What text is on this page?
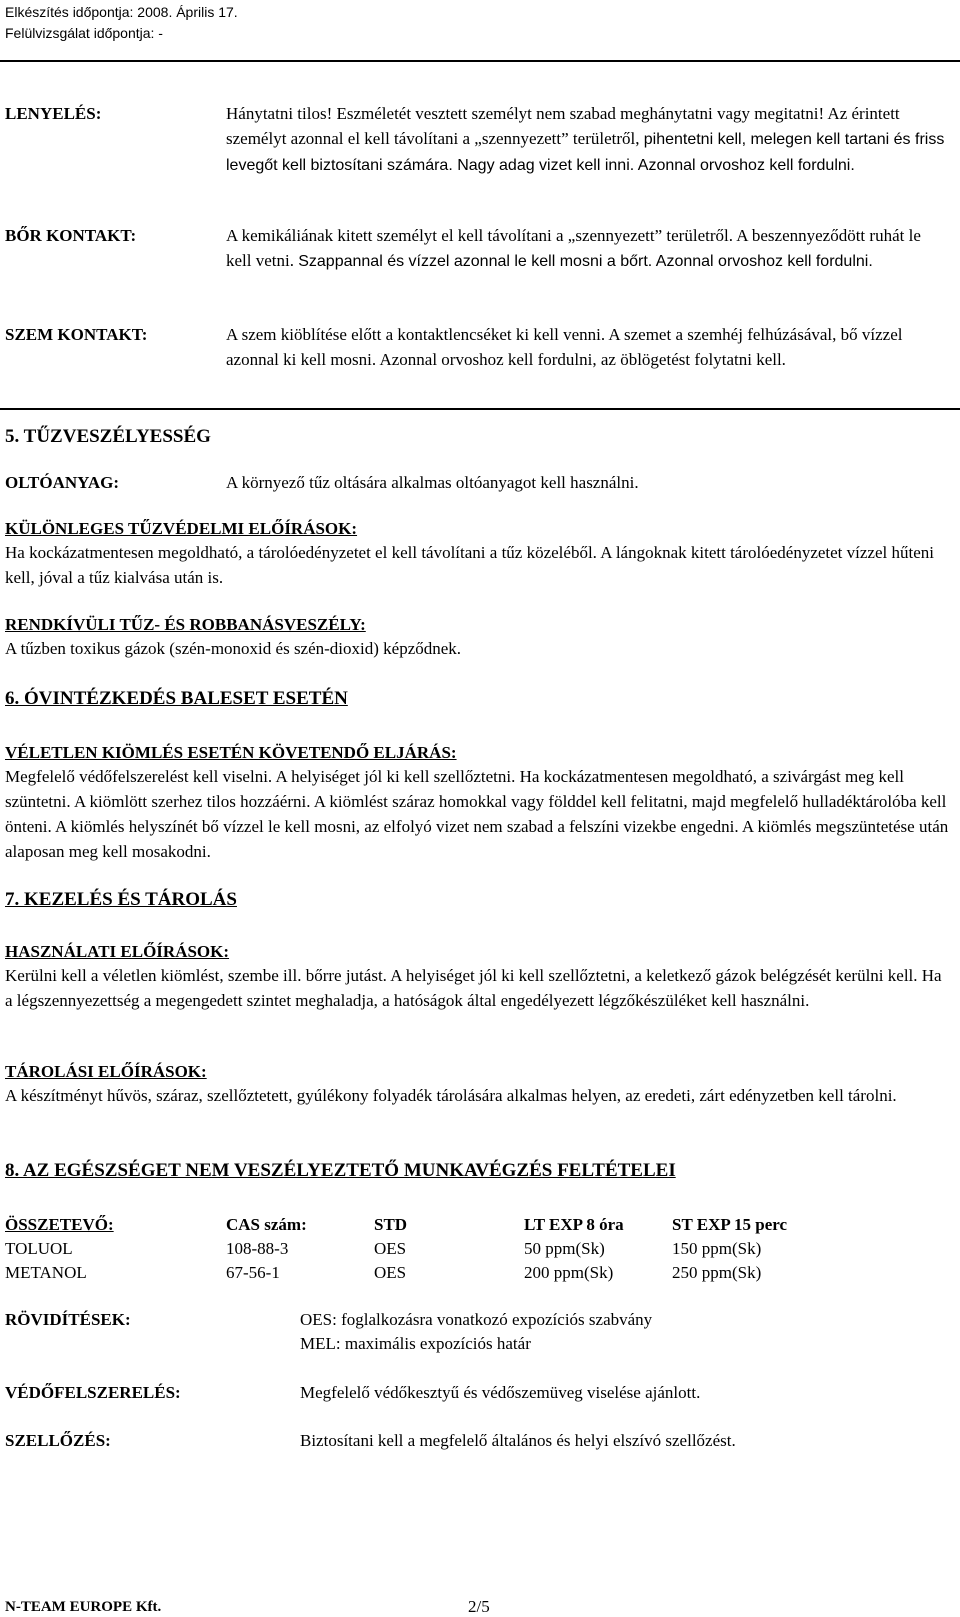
Elkészítés időpontja: 2008. Április 17.
Felülvizsgálat időpontja: -
LENYELÉS:	Hánytatni tilos! Eszméletét vesztett személyt nem szabad meghánytatni vagy megitatni! Az érintett személyt azonnal el kell távolítani a „szennyezett” területről, pihentetni kell, melegen kell tartani és friss levegőt kell biztosítani számára. Nagy adag vizet kell inni. Azonnal orvoshoz kell fordulni.
BŐR KONTAKT:	A kemikáliának kitett személyt el kell távolítani a „szennyezett” területről. A beszennyeződött ruhát le kell vetni. Szappannal és vízzel azonnal le kell mosni a bőrt. Azonnal orvoshoz kell fordulni.
SZEM KONTAKT:	A szem kiöblítése előtt a kontaktlencséket ki kell venni. A szemet a szemhéj felhúzásával, bő vízzel azonnal ki kell mosni. Azonnal orvoshoz kell fordulni, az öblögetést folytatni kell.
5. TŰZVESZÉLYESSÉG
OLTÓANYAG:	A környező tűz oltására alkalmas oltóanyagot kell használni.
KÜLÖNLEGES TŰZVÉDELMI ELŐÍRÁSOK:
Ha kockázatmentesen megoldható, a tárolóedényzetet el kell távolítani a tűz közeléből. A lángoknak kitett tárolóedényzetet vízzel hűteni kell, jóval a tűz kialvása után is.
RENDKÍVÜLI TŰZ- ÉS ROBBANÁSVESZÉLY:
A tűzben toxikus gázok (szén-monoxid és szén-dioxid) képződnek.
6. ÓVINTÉZKEDÉS BALESET ESETÉN
VÉLETLEN KIÖMLÉS ESETÉN KÖVETENDŐ ELJÁRÁS:
Megfelelő védőfelszerelést kell viselni. A helyiséget jól ki kell szellőztetni. Ha kockázatmentesen megoldható, a szivárgást meg kell szüntetni. A kiömlött szerhez tilos hozzáérni. A kiömlést száraz homokkal vagy földdel kell felitatni, majd megfelelő hulladéktárolóba kell önteni. A kiömlés helyszínét bő vízzel le kell mosni, az elfolyó vizet nem szabad a felszíni vizekbe engedni. A kiömlés megszüntetése után alaposan meg kell mosakodni.
7. KEZELÉS ÉS TÁROLÁS
HASZNÁLATI ELŐÍRÁSOK:
Kerülni kell a véletlen kiömlést, szembe ill. bőrre jutást. A helyiséget jól ki kell szellőztetni, a keletkező gázok belégzését kerülni kell. Ha a légszennyezettség a megengedett szintet meghaladja, a hatóságok által engedélyezett légzőkészüléket kell használni.
TÁROLÁSI ELŐÍRÁSOK:
A készítményt hűvös, száraz, szellőztetett, gyúlékony folyadék tárolására alkalmas helyen, az eredeti, zárt edényzetben kell tárolni.
8. AZ EGÉSZSÉGET NEM VESZÉLYEZTETŐ MUNKAVÉGZÉS FELTÉTELEI
ÖSSZETEVŐ:	CAS szám:	STD	LT EXP 8 óra	ST EXP 15 perc
TOLUOL	108-88-3	OES	50 ppm(Sk)	150 ppm(Sk)
METANOL	67-56-1	OES	200 ppm(Sk)	250 ppm(Sk)
RÖVIDÍTÉSEK:	OES: foglalkozásra vonatkozó expozíciós szabvány
MEL: maximális expozíciós határ
VÉDŐFELSZERELÉS:	Megfelelő védőkesztyű és védőszemüveg viselése ajánlott.
SZELLŐZÉS:	Biztosítani kell a megfelelő általános és helyi elszívó szellőzést.
N-TEAM EUROPE Kft.	2/5
